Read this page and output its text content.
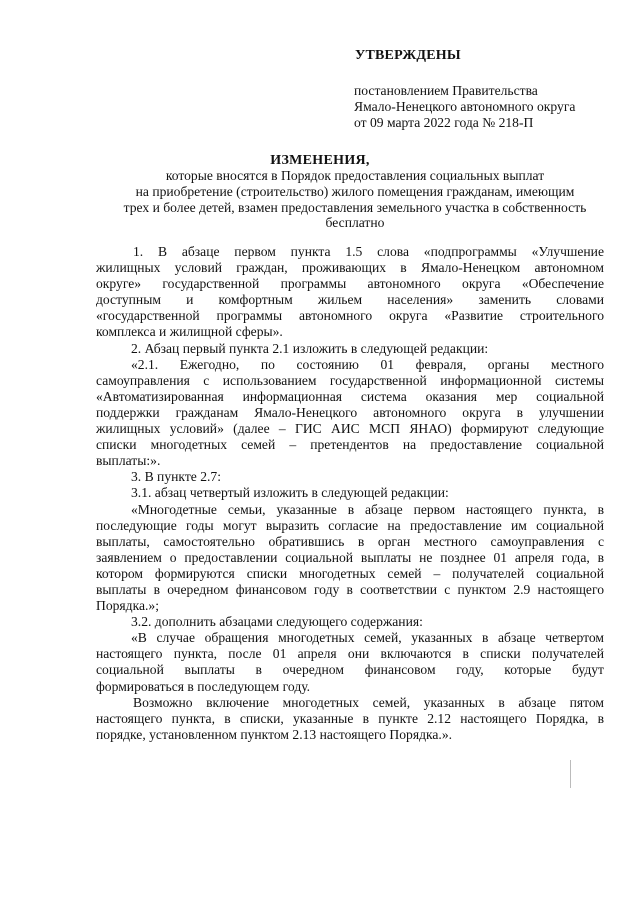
УТВЕРЖДЕНЫ
постановлением Правительства
Ямало-Ненецкого автономного округа
от 09 марта 2022 года № 218-П
ИЗМЕНЕНИЯ,
которые вносятся в Порядок предоставления социальных выплат
на приобретение (строительство) жилого помещения гражданам, имеющим
трех и более детей, взамен предоставления земельного участка в собственность
бесплатно
1. В абзаце первом пункта 1.5 слова «подпрограммы «Улучшение
жилищных условий граждан, проживающих в Ямало-Ненецком автономном
округе» государственной программы автономного округа «Обеспечение
доступным и комфортным жильем населения» заменить словами
«государственной программы автономного округа «Развитие строительного
комплекса и жилищной сферы».
2. Абзац первый пункта 2.1 изложить в следующей редакции:
«2.1. Ежегодно, по состоянию 01 февраля, органы местного
самоуправления с использованием государственной информационной системы
«Автоматизированная информационная система оказания мер социальной
поддержки гражданам Ямало-Ненецкого автономного округа в улучшении
жилищных условий» (далее – ГИС АИС МСП ЯНАО) формируют следующие
списки многодетных семей – претендентов на предоставление социальной
выплаты:».
3. В пункте 2.7:
3.1. абзац четвертый изложить в следующей редакции:
«Многодетные семьи, указанные в абзаце первом настоящего пункта, в
последующие годы могут выразить согласие на предоставление им социальной
выплаты, самостоятельно обратившись в орган местного самоуправления с
заявлением о предоставлении социальной выплаты не позднее 01 апреля года, в
котором формируются списки многодетных семей – получателей социальной
выплаты в очередном финансовом году в соответствии с пунктом 2.9 настоящего
Порядка.»;
3.2. дополнить абзацами следующего содержания:
«В случае обращения многодетных семей, указанных в абзаце четвертом
настоящего пункта, после 01 апреля они включаются в списки получателей
социальной выплаты в очередном финансовом году, которые будут
формироваться в последующем году.
Возможно включение многодетных семей, указанных в абзаце пятом
настоящего пункта, в списки, указанные в пункте 2.12 настоящего Порядка, в
порядке, установленном пунктом 2.13 настоящего Порядка.».
